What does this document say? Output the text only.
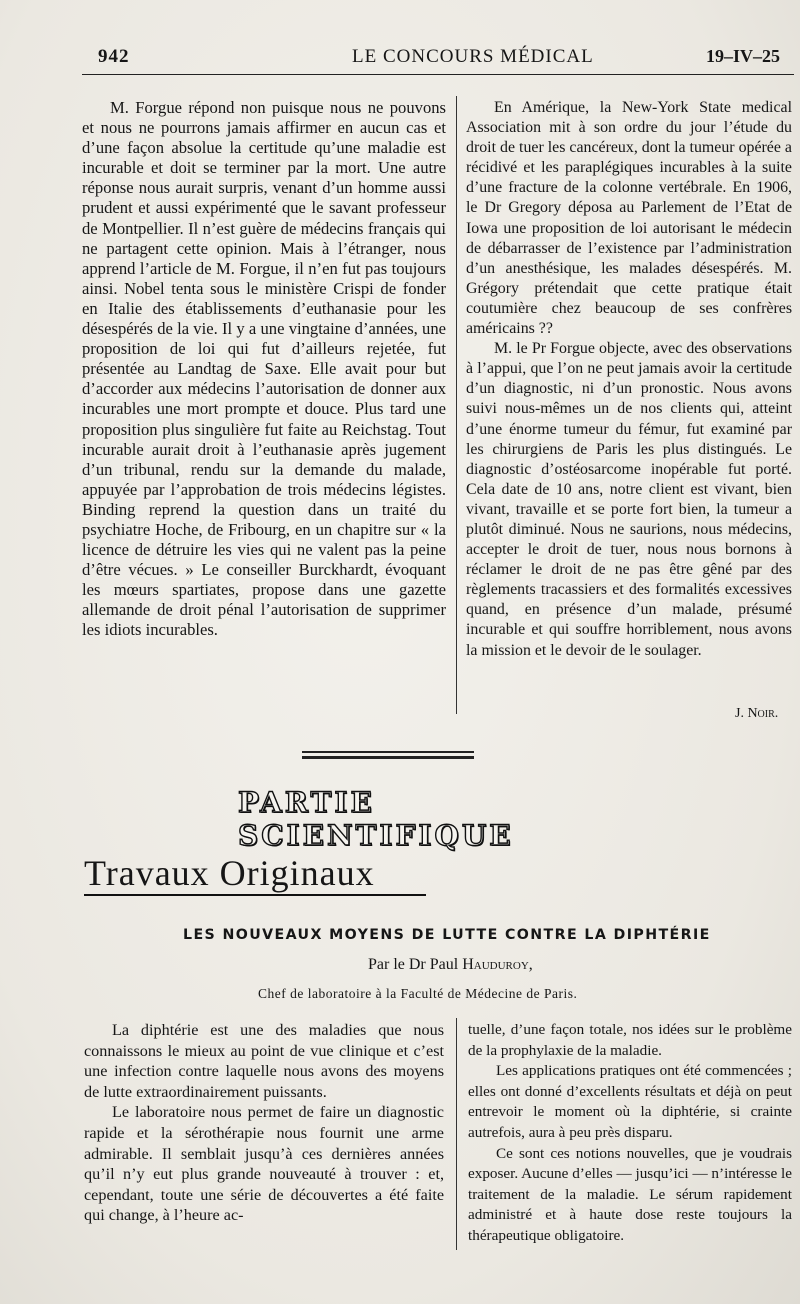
942	LE CONCOURS MÉDICAL	19–IV–25

M. Forgue répond non puisque nous ne pouvons et nous ne pourrons jamais affirmer en aucun cas et d’une façon absolue la certitude qu’une maladie est incurable et doit se terminer par la mort. Une autre réponse nous aurait surpris, venant d’un homme aussi prudent et aussi expérimenté que le savant professeur de Montpellier. Il n’est guère de médecins français qui ne partagent cette opinion. Mais à l’étranger, nous apprend l’article de M. Forgue, il n’en fut pas toujours ainsi. Nobel tenta sous le ministère Crispi de fonder en Italie des établissements d’euthanasie pour les désespérés de la vie. Il y a une vingtaine d’années, une proposition de loi qui fut d’ailleurs rejetée, fut présentée au Landtag de Saxe. Elle avait pour but d’accorder aux médecins l’autorisation de donner aux incurables une mort prompte et douce. Plus tard une proposition plus singulière fut faite au Reichstag. Tout incurable aurait droit à l’euthanasie après jugement d’un tribunal, rendu sur la demande du malade, appuyée par l’approbation de trois médecins légistes. Binding reprend la question dans un traité du psychiatre Hoche, de Fribourg, en un chapitre sur « la licence de détruire les vies qui ne valent pas la peine d’être vécues. » Le conseiller Burckhardt, évoquant les mœurs spartiates, propose dans une gazette allemande de droit pénal l’autorisation de supprimer les idiots incurables.

En Amérique, la New-York State medical Association mit à son ordre du jour l’étude du droit de tuer les cancéreux, dont la tumeur opérée a récidivé et les paraplégiques incurables à la suite d’une fracture de la colonne vertébrale. En 1906, le Dr Gregory déposa au Parlement de l’Etat de Iowa une proposition de loi autorisant le médecin de débarrasser de l’existence par l’administration d’un anesthésique, les malades désespérés. M. Grégory prétendait que cette pratique était coutumière chez beaucoup de ses confrères américains ??

M. le Pr Forgue objecte, avec des observations à l’appui, que l’on ne peut jamais avoir la certitude d’un diagnostic, ni d’un pronostic. Nous avons suivi nous-mêmes un de nos clients qui, atteint d’une énorme tumeur du fémur, fut examiné par les chirurgiens de Paris les plus distingués. Le diagnostic d’ostéosarcome inopérable fut porté. Cela date de 10 ans, notre client est vivant, bien vivant, travaille et se porte fort bien, la tumeur a plutôt diminué. Nous ne saurions, nous médecins, accepter le droit de tuer, nous nous bornons à réclamer le droit de ne pas être gêné par des règlements tracassiers et des formalités excessives quand, en présence d’un malade, présumé incurable et qui souffre horriblement, nous avons la mission et le devoir de le soulager.

J. Noir.
PARTIE SCIENTIFIQUE
Travaux Originaux
LES NOUVEAUX MOYENS DE LUTTE CONTRE LA DIPHTÉRIE
Par le Dr Paul Hauduroy,
Chef de laboratoire à la Faculté de Médecine de Paris.

La diphtérie est une des maladies que nous connaissons le mieux au point de vue clinique et c’est une infection contre laquelle nous avons des moyens de lutte extraordinairement puissants.

Le laboratoire nous permet de faire un diagnostic rapide et la sérothérapie nous fournit une arme admirable. Il semblait jusqu’à ces dernières années qu’il n’y eut plus grande nouveauté à trouver : et, cependant, toute une série de découvertes a été faite qui change, à l’heure ac-

tuelle, d’une façon totale, nos idées sur le problème de la prophylaxie de la maladie.

Les applications pratiques ont été commencées ; elles ont donné d’excellents résultats et déjà on peut entrevoir le moment où la diphtérie, si crainte autrefois, aura à peu près disparu.

Ce sont ces notions nouvelles, que je voudrais exposer. Aucune d’elles — jusqu’ici — n’intéresse le traitement de la maladie. Le sérum rapidement administré et à haute dose reste toujours la thérapeutique obligatoire.
